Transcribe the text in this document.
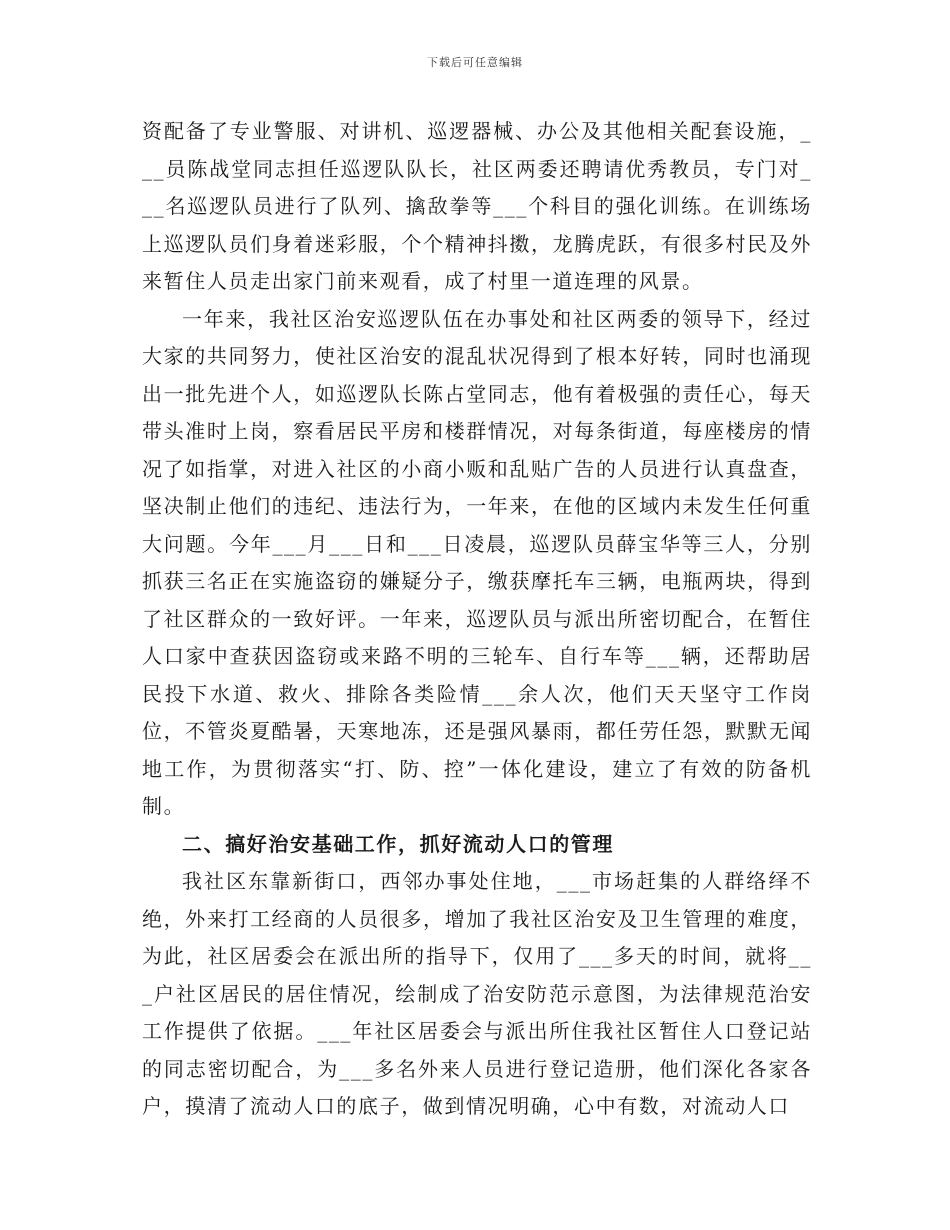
下载后可任意编辑

资配备了专业警服、对讲机、巡逻器械、办公及其他相关配套设施，___员陈战堂同志担任巡逻队队长，社区两委还聘请优秀教员，专门对___名巡逻队员进行了队列、擒敌拳等___个科目的强化训练。在训练场上巡逻队员们身着迷彩服，个个精神抖擞，龙腾虎跃，有很多村民及外来暂住人员走出家门前来观看，成了村里一道连理的风景。

一年来，我社区治安巡逻队伍在办事处和社区两委的领导下，经过大家的共同努力，使社区治安的混乱状况得到了根本好转，同时也涌现出一批先进个人，如巡逻队长陈占堂同志，他有着极强的责任心，每天带头准时上岗，察看居民平房和楼群情况，对每条街道，每座楼房的情况了如指掌，对进入社区的小商小贩和乱贴广告的人员进行认真盘查，坚决制止他们的违纪、违法行为，一年来，在他的区域内未发生任何重大问题。今年___月___日和___日凌晨，巡逻队员薛宝华等三人，分别抓获三名正在实施盗窃的嫌疑分子，缴获摩托车三辆，电瓶两块，得到了社区群众的一致好评。一年来，巡逻队员与派出所密切配合，在暂住人口家中查获因盗窃或来路不明的三轮车、自行车等___辆，还帮助居民投下水道、救火、排除各类险情___余人次，他们天天坚守工作岗位，不管炎夏酷暑，天寒地冻，还是强风暴雨，都任劳任怨，默默无闻地工作，为贯彻落实“打、防、控”一体化建设，建立了有效的防备机制。

二、搞好治安基础工作，抓好流动人口的管理

我社区东靠新街口，西邻办事处住地，___市场赶集的人群络绎不绝，外来打工经商的人员很多，增加了我社区治安及卫生管理的难度，为此，社区居委会在派出所的指导下，仅用了___多天的时间，就将___户社区居民的居住情况，绘制成了治安防范示意图，为法律规范治安工作提供了依据。___年社区居委会与派出所住我社区暂住人口登记站的同志密切配合，为___多名外来人员进行登记造册，他们深化各家各户，摸清了流动人口的底子，做到情况明确，心中有数，对流动人口
